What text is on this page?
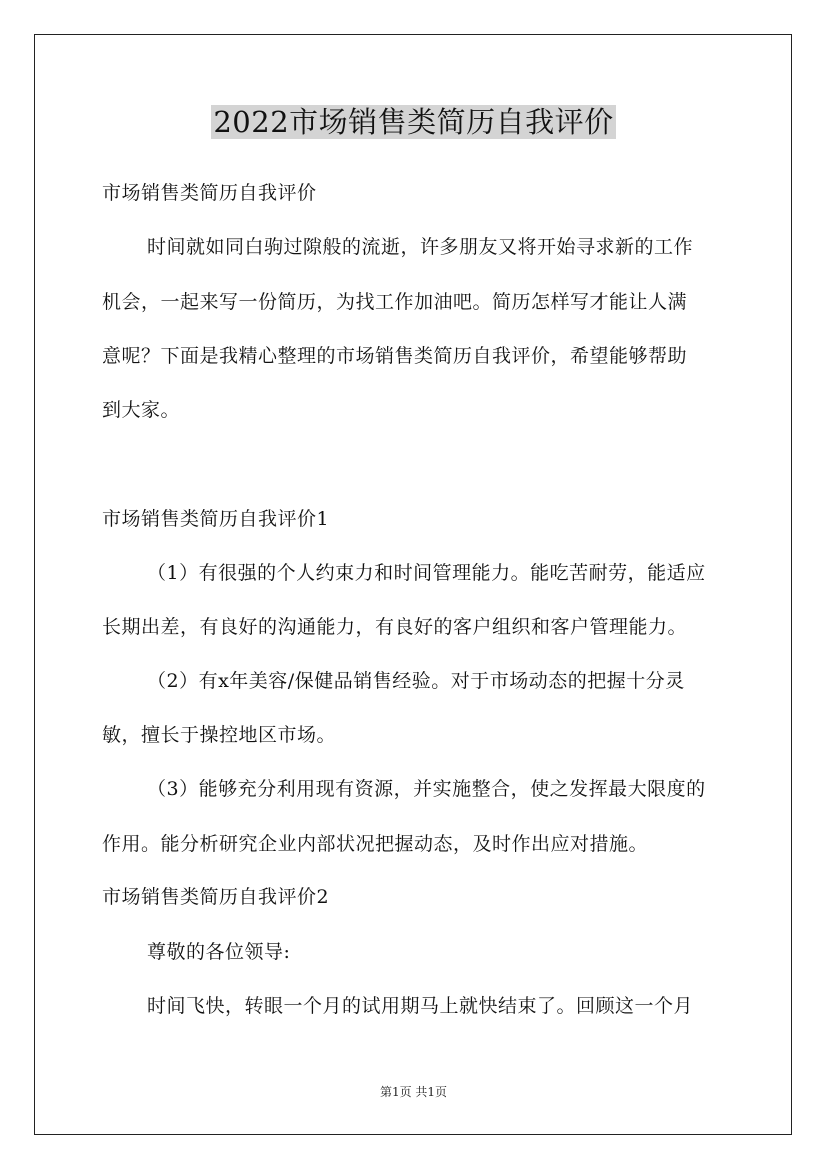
2022市场销售类简历自我评价
市场销售类简历自我评价
时间就如同白驹过隙般的流逝，许多朋友又将开始寻求新的工作
机会，一起来写一份简历，为找工作加油吧。简历怎样写才能让人满
意呢？下面是我精心整理的市场销售类简历自我评价，希望能够帮助
到大家。
市场销售类简历自我评价1
（1）有很强的个人约束力和时间管理能力。能吃苦耐劳，能适应
长期出差，有良好的沟通能力，有良好的客户组织和客户管理能力。
（2）有x年美容/保健品销售经验。对于市场动态的把握十分灵
敏，擅长于操控地区市场。
（3）能够充分利用现有资源，并实施整合，使之发挥最大限度的
作用。能分析研究企业内部状况把握动态，及时作出应对措施。
市场销售类简历自我评价2
尊敬的各位领导:
时间飞快，转眼一个月的试用期马上就快结束了。回顾这一个月
第1页 共1页
